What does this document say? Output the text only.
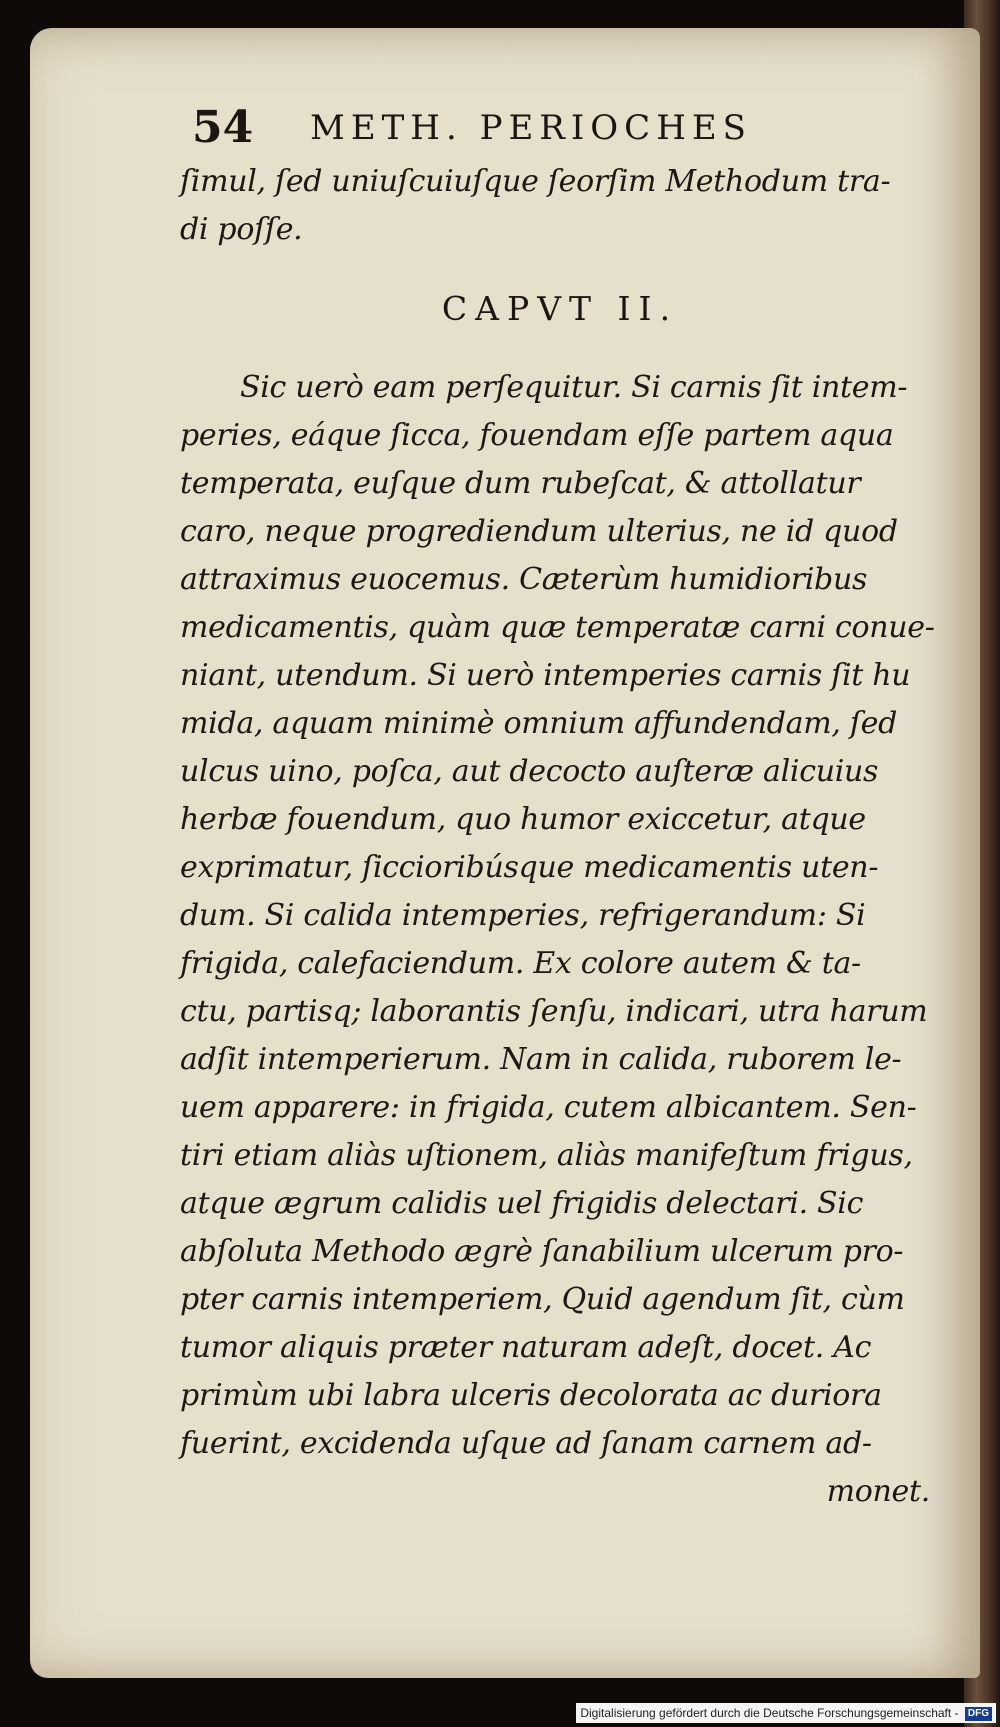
54 METH. PERIOCHES
ſimul, ſed uniuſcuiuſque ſeorſim Methodum tra-
di poſſe.
CAPVT II.
Sic uerò eam perſequitur. Si carnis ſit intem-
peries, eáque ſicca, fouendam eſſe partem aqua
temperata, euſque dum rubeſcat, & attollatur
caro, neque progrediendum ulterius, ne id quod
attraximus euocemus. Cæterùm humidioribus
medicamentis, quàm quæ temperatæ carni conue-
niant, utendum. Si uerò intemperies carnis ſit hu
mida, aquam minimè omnium affundendam, ſed
ulcus uino, poſca, aut decocto auſteræ alicuius
herbæ fouendum, quo humor exiccetur, atque
exprimatur, ſiccioribúsque medicamentis uten-
dum. Si calida intemperies, refrigerandum: Si
frigida, calefaciendum. Ex colore autem & ta-
ctu, partisq; laborantis ſenſu, indicari, utra harum
adſit intemperierum. Nam in calida, ruborem le-
uem apparere: in frigida, cutem albicantem. Sen-
tiri etiam aliàs uſtionem, aliàs manifeſtum frigus,
atque ægrum calidis uel frigidis delectari. Sic
abſoluta Methodo ægrè ſanabilium ulcerum pro-
pter carnis intemperiem, Quid agendum ſit, cùm
tumor aliquis præter naturam adeſt, docet. Ac
primùm ubi labra ulceris decolorata ac duriora
fuerint, excidenda uſque ad ſanam carnem ad-
monet.
Digitalisierung gefördert durch die Deutsche Forschungsgemeinschaft - DFG
